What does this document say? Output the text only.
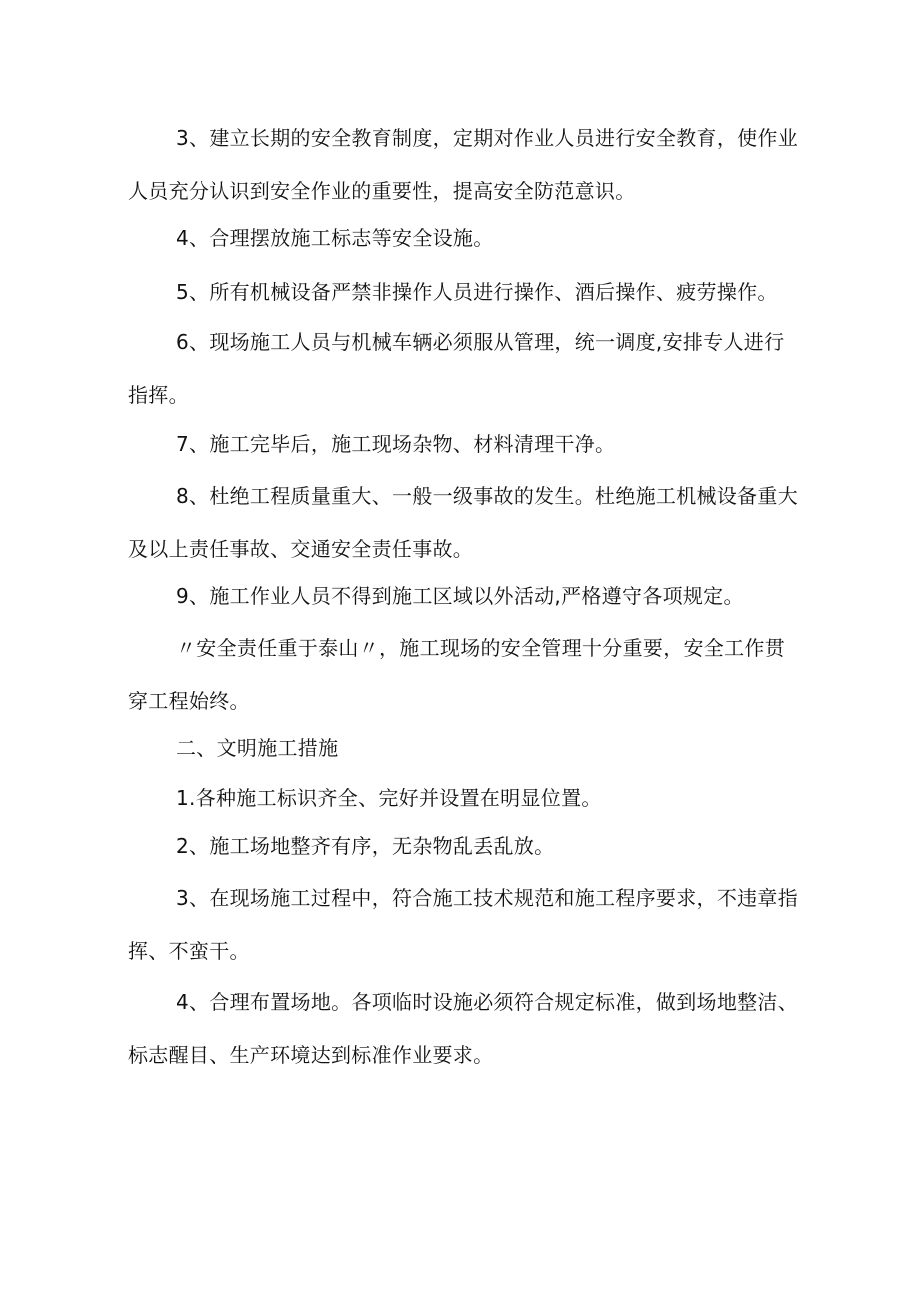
3、建立长期的安全教育制度，定期对作业人员进行安全教育，使作业人员充分认识到安全作业的重要性，提高安全防范意识。
4、合理摆放施工标志等安全设施。
5、所有机械设备严禁非操作人员进行操作、酒后操作、疲劳操作。
6、现场施工人员与机械车辆必须服从管理，统一调度,安排专人进行指挥。
7、施工完毕后，施工现场杂物、材料清理干净。
8、杜绝工程质量重大、一般一级事故的发生。杜绝施工机械设备重大及以上责任事故、交通安全责任事故。
9、施工作业人员不得到施工区域以外活动,严格遵守各项规定。
〃安全责任重于泰山〃，施工现场的安全管理十分重要，安全工作贯穿工程始终。
二、文明施工措施
1.各种施工标识齐全、完好并设置在明显位置。
2、施工场地整齐有序，无杂物乱丢乱放。
3、在现场施工过程中，符合施工技术规范和施工程序要求，不违章指挥、不蛮干。
4、合理布置场地。各项临时设施必须符合规定标准，做到场地整洁、标志醒目、生产环境达到标准作业要求。
